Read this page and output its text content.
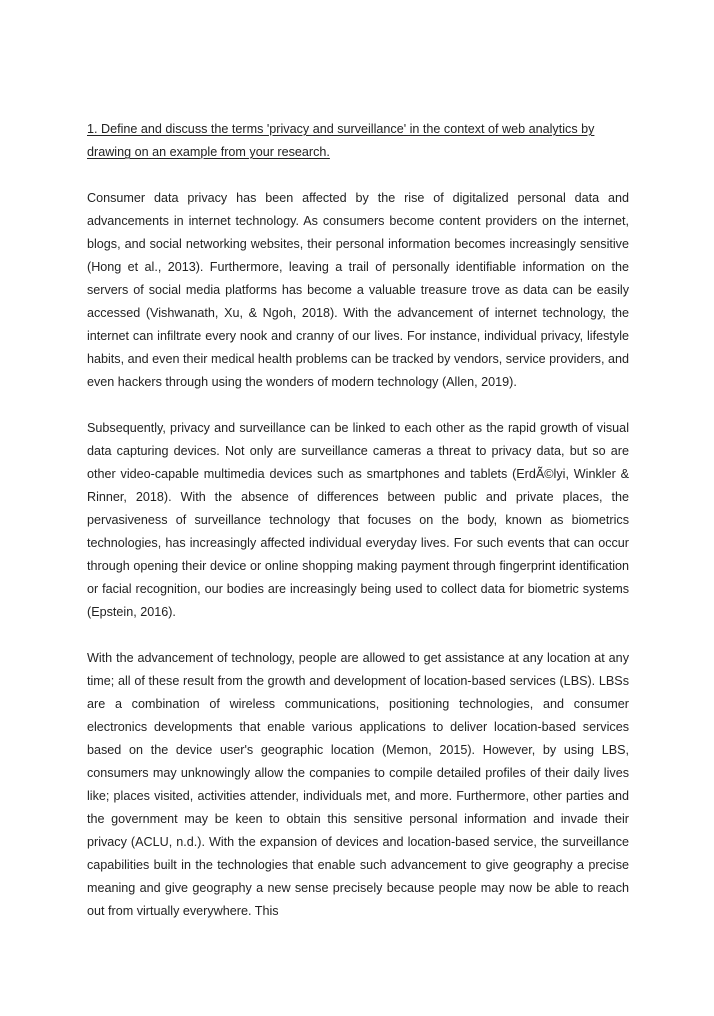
1. Define and discuss the terms 'privacy and surveillance' in the context of web analytics by drawing on an example from your research.

Consumer data privacy has been affected by the rise of digitalized personal data and advancements in internet technology. As consumers become content providers on the internet, blogs, and social networking websites, their personal information becomes increasingly sensitive (Hong et al., 2013). Furthermore, leaving a trail of personally identifiable information on the servers of social media platforms has become a valuable treasure trove as data can be easily accessed (Vishwanath, Xu, & Ngoh, 2018). With the advancement of internet technology, the internet can infiltrate every nook and cranny of our lives. For instance, individual privacy, lifestyle habits, and even their medical health problems can be tracked by vendors, service providers, and even hackers through using the wonders of modern technology (Allen, 2019).

Subsequently, privacy and surveillance can be linked to each other as the rapid growth of visual data capturing devices. Not only are surveillance cameras a threat to privacy data, but so are other video-capable multimedia devices such as smartphones and tablets (ErdÃ©lyi, Winkler & Rinner, 2018). With the absence of differences between public and private places, the pervasiveness of surveillance technology that focuses on the body, known as biometrics technologies, has increasingly affected individual everyday lives. For such events that can occur through opening their device or online shopping making payment through fingerprint identification or facial recognition, our bodies are increasingly being used to collect data for biometric systems (Epstein, 2016).

With the advancement of technology, people are allowed to get assistance at any location at any time; all of these result from the growth and development of location-based services (LBS). LBSs are a combination of wireless communications, positioning technologies, and consumer electronics developments that enable various applications to deliver location-based services based on the device user's geographic location (Memon, 2015). However, by using LBS, consumers may unknowingly allow the companies to compile detailed profiles of their daily lives like; places visited, activities attender, individuals met, and more. Furthermore, other parties and the government may be keen to obtain this sensitive personal information and invade their privacy (ACLU, n.d.). With the expansion of devices and location-based service, the surveillance capabilities built in the technologies that enable such advancement to give geography a precise meaning and give geography a new sense precisely because people may now be able to reach out from virtually everywhere. This
